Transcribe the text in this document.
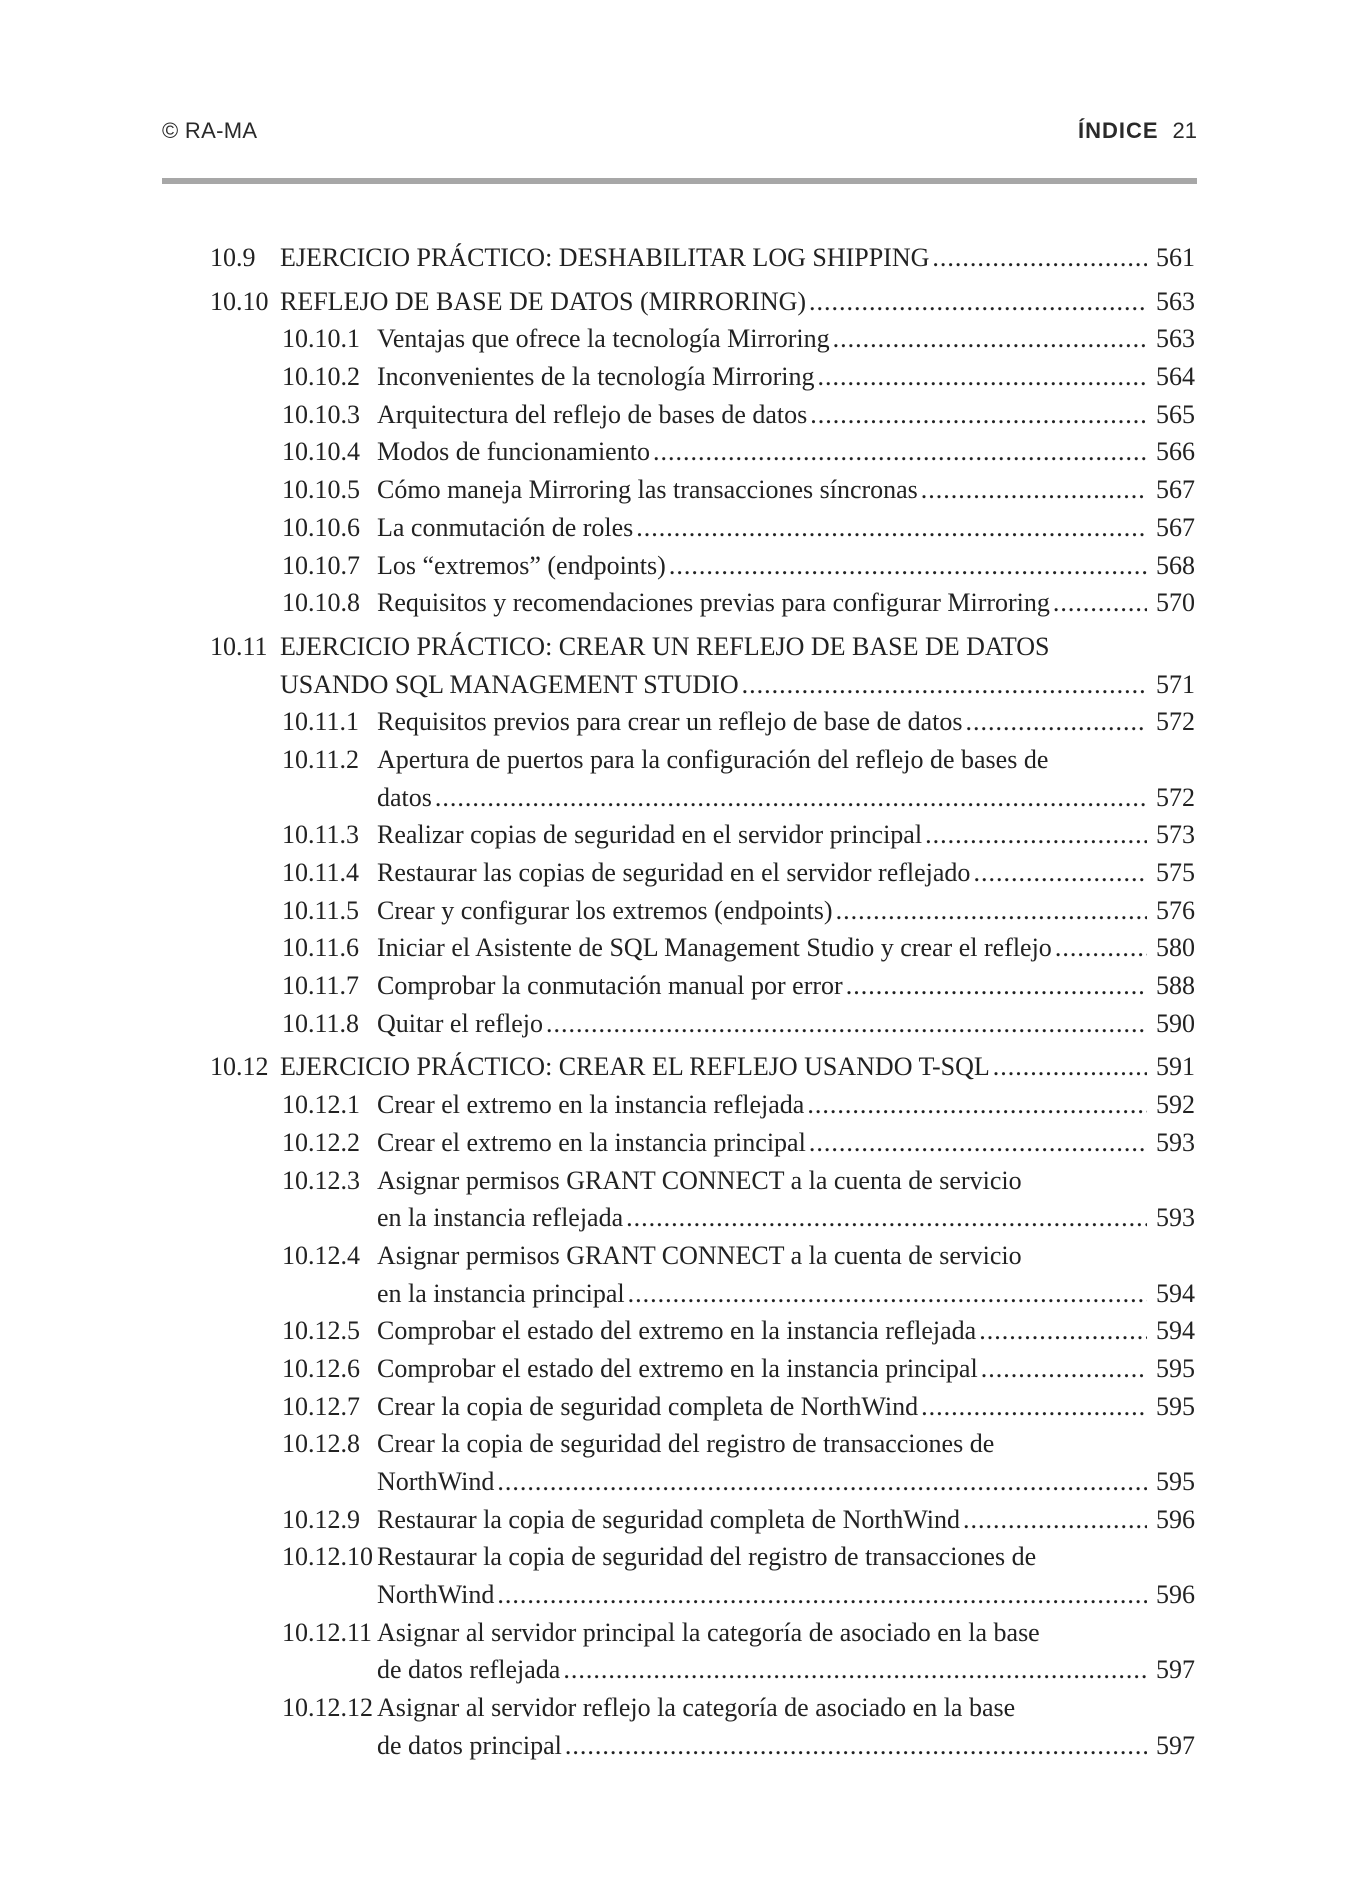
© RA-MA	ÍNDICE 21
10.9 EJERCICIO PRÁCTICO: DESHABILITAR LOG SHIPPING .....	561
10.10 REFLEJO DE BASE DE DATOS (MIRRORING) .....	563
10.10.1 Ventajas que ofrece la tecnología Mirroring .....	563
10.10.2 Inconvenientes de la tecnología Mirroring .....	564
10.10.3 Arquitectura del reflejo de bases de datos .....	565
10.10.4 Modos de funcionamiento .....	566
10.10.5 Cómo maneja Mirroring las transacciones síncronas .....	567
10.10.6 La conmutación de roles .....	567
10.10.7 Los “extremos” (endpoints) .....	568
10.10.8 Requisitos y recomendaciones previas para configurar Mirroring .....	570
10.11 EJERCICIO PRÁCTICO: CREAR UN REFLEJO DE BASE DE DATOS
USANDO SQL MANAGEMENT STUDIO .....	571
10.11.1 Requisitos previos para crear un reflejo de base de datos .....	572
10.11.2 Apertura de puertos para la configuración del reflejo de bases de
datos .....	572
10.11.3 Realizar copias de seguridad en el servidor principal .....	573
10.11.4 Restaurar las copias de seguridad en el servidor reflejado .....	575
10.11.5 Crear y configurar los extremos (endpoints) .....	576
10.11.6 Iniciar el Asistente de SQL Management Studio y crear el reflejo .....	580
10.11.7 Comprobar la conmutación manual por error .....	588
10.11.8 Quitar el reflejo .....	590
10.12 EJERCICIO PRÁCTICO: CREAR EL REFLEJO USANDO T-SQL .....	591
10.12.1 Crear el extremo en la instancia reflejada .....	592
10.12.2 Crear el extremo en la instancia principal .....	593
10.12.3 Asignar permisos GRANT CONNECT a la cuenta de servicio
en la instancia reflejada .....	593
10.12.4 Asignar permisos GRANT CONNECT a la cuenta de servicio
en la instancia principal .....	594
10.12.5 Comprobar el estado del extremo en la instancia reflejada .....	594
10.12.6 Comprobar el estado del extremo en la instancia principal .....	595
10.12.7 Crear la copia de seguridad completa de NorthWind .....	595
10.12.8 Crear la copia de seguridad del registro de transacciones de
NorthWind .....	595
10.12.9 Restaurar la copia de seguridad completa de NorthWind .....	596
10.12.10 Restaurar la copia de seguridad del registro de transacciones de
NorthWind .....	596
10.12.11 Asignar al servidor principal la categoría de asociado en la base
de datos reflejada .....	597
10.12.12 Asignar al servidor reflejo la categoría de asociado en la base
de datos principal .....	597
